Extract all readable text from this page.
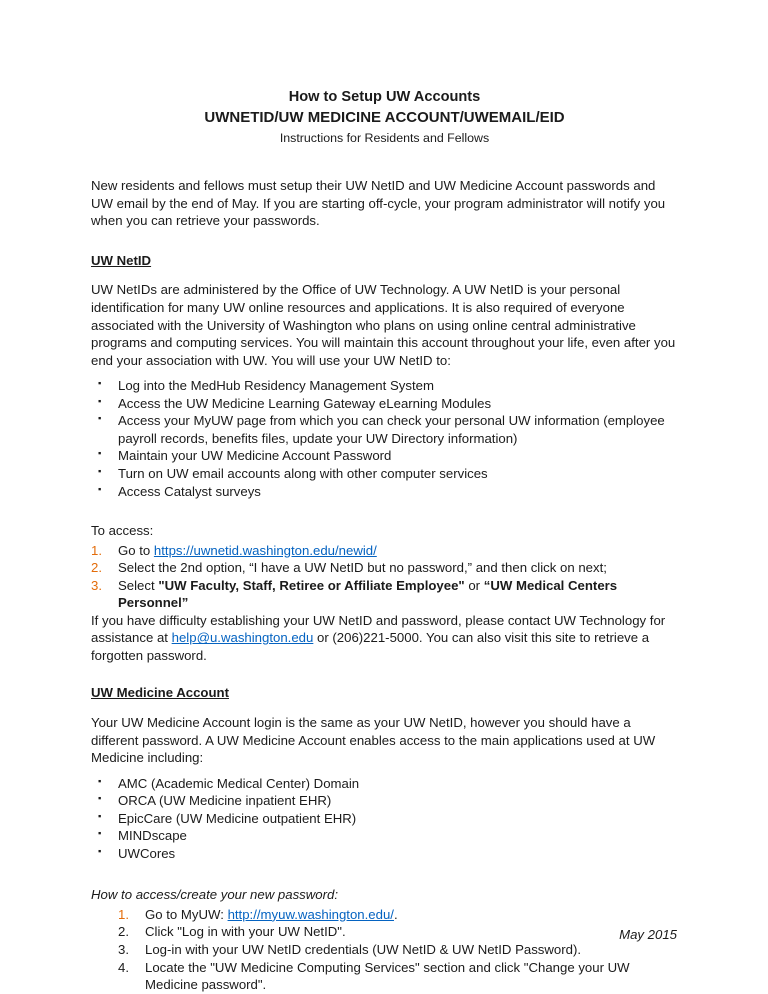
How to Setup UW Accounts
UWNETID/UW MEDICINE ACCOUNT/UWEMAIL/EID
Instructions for Residents and Fellows

New residents and fellows must setup their UW NetID and UW Medicine Account passwords and UW email by the end of May. If you are starting off-cycle, your program administrator will notify you when you can retrieve your passwords.

UW NetID

UW NetIDs are administered by the Office of UW Technology. A UW NetID is your personal identification for many UW online resources and applications. It is also required of everyone associated with the University of Washington who plans on using online central administrative programs and computing services. You will maintain this account throughout your life, even after you end your association with UW. You will use your UW NetID to:

▪ Log into the MedHub Residency Management System
▪ Access the UW Medicine Learning Gateway eLearning Modules
▪ Access your MyUW page from which you can check your personal UW information (employee payroll records, benefits files, update your UW Directory information)
▪ Maintain your UW Medicine Account Password
▪ Turn on UW email accounts along with other computer services
▪ Access Catalyst surveys

To access:

1.	Go to https://uwnetid.washington.edu/newid/
2.	Select the 2nd option, “I have a UW NetID but no password,” and then click on next;
3.	Select "UW Faculty, Staff, Retiree or Affiliate Employee" or “UW Medical Centers Personnel”

If you have difficulty establishing your UW NetID and password, please contact UW Technology for assistance at help@u.washington.edu or (206)221-5000. You can also visit this site to retrieve a forgotten password.

UW Medicine Account

Your UW Medicine Account login is the same as your UW NetID, however you should have a different password. A UW Medicine Account enables access to the main applications used at UW Medicine including:

▪ AMC (Academic Medical Center) Domain
▪ ORCA (UW Medicine inpatient EHR)
▪ EpicCare (UW Medicine outpatient EHR)
▪ MINDscape
▪ UWCores

How to access/create your new password:

1.	Go to MyUW: http://myuw.washington.edu/.
2.	Click "Log in with your UW NetID".
3.	Log-in with your UW NetID credentials (UW NetID & UW NetID Password).
4.	Locate the "UW Medicine Computing Services" section and click "Change your UW Medicine password".
May 2015
